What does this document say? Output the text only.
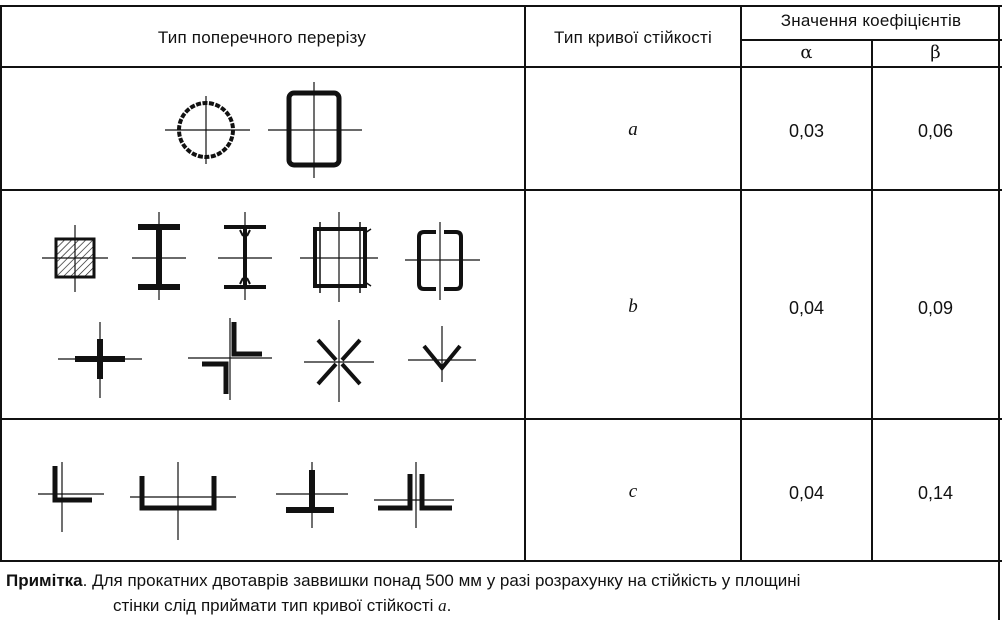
Тип поперечного перерізу	Тип кривої стійкості
Значення коефіцієнтів
α	β
a	0,03	0,06
b	0,04	0,09
c	0,04	0,14
Примітка. Для прокатних двотаврів заввишки понад 500 мм у разі розрахунку на стійкість у площині
стінки слід приймати тип кривої стійкості a.
